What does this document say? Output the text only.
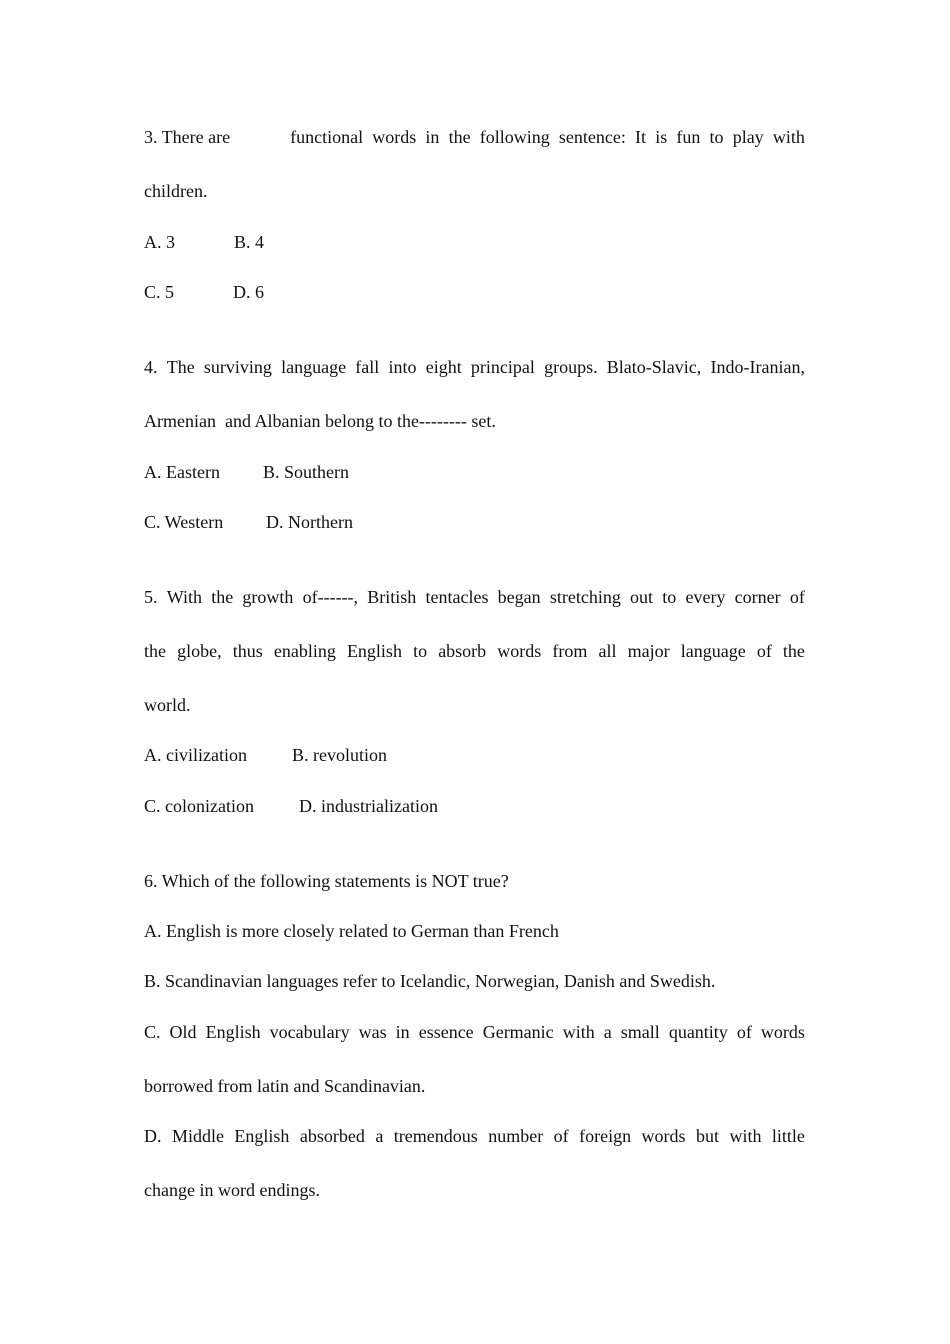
3. There are	functional words in the following sentence: It is fun to play with
children.
A. 3	B. 4
C. 5	D. 6
4. The surviving language fall into eight principal groups. Blato-Slavic, Indo-Iranian,
Armenian  and Albanian belong to the-------- set.
A. Eastern B. Southern
C. Western D. Northern
5. With the growth of------, British tentacles began stretching out to every corner of
the globe, thus enabling English to absorb words from all major language of the
world.
A. civilization	B. revolution
C. colonization	D. industrialization
6. Which of the following statements is NOT true?
A. English is more closely related to German than French
B. Scandinavian languages refer to Icelandic, Norwegian, Danish and Swedish.
C. Old English vocabulary was in essence Germanic with a small quantity of words
borrowed from latin and Scandinavian.
D. Middle English absorbed a tremendous number of foreign words but with little
change in word endings.
